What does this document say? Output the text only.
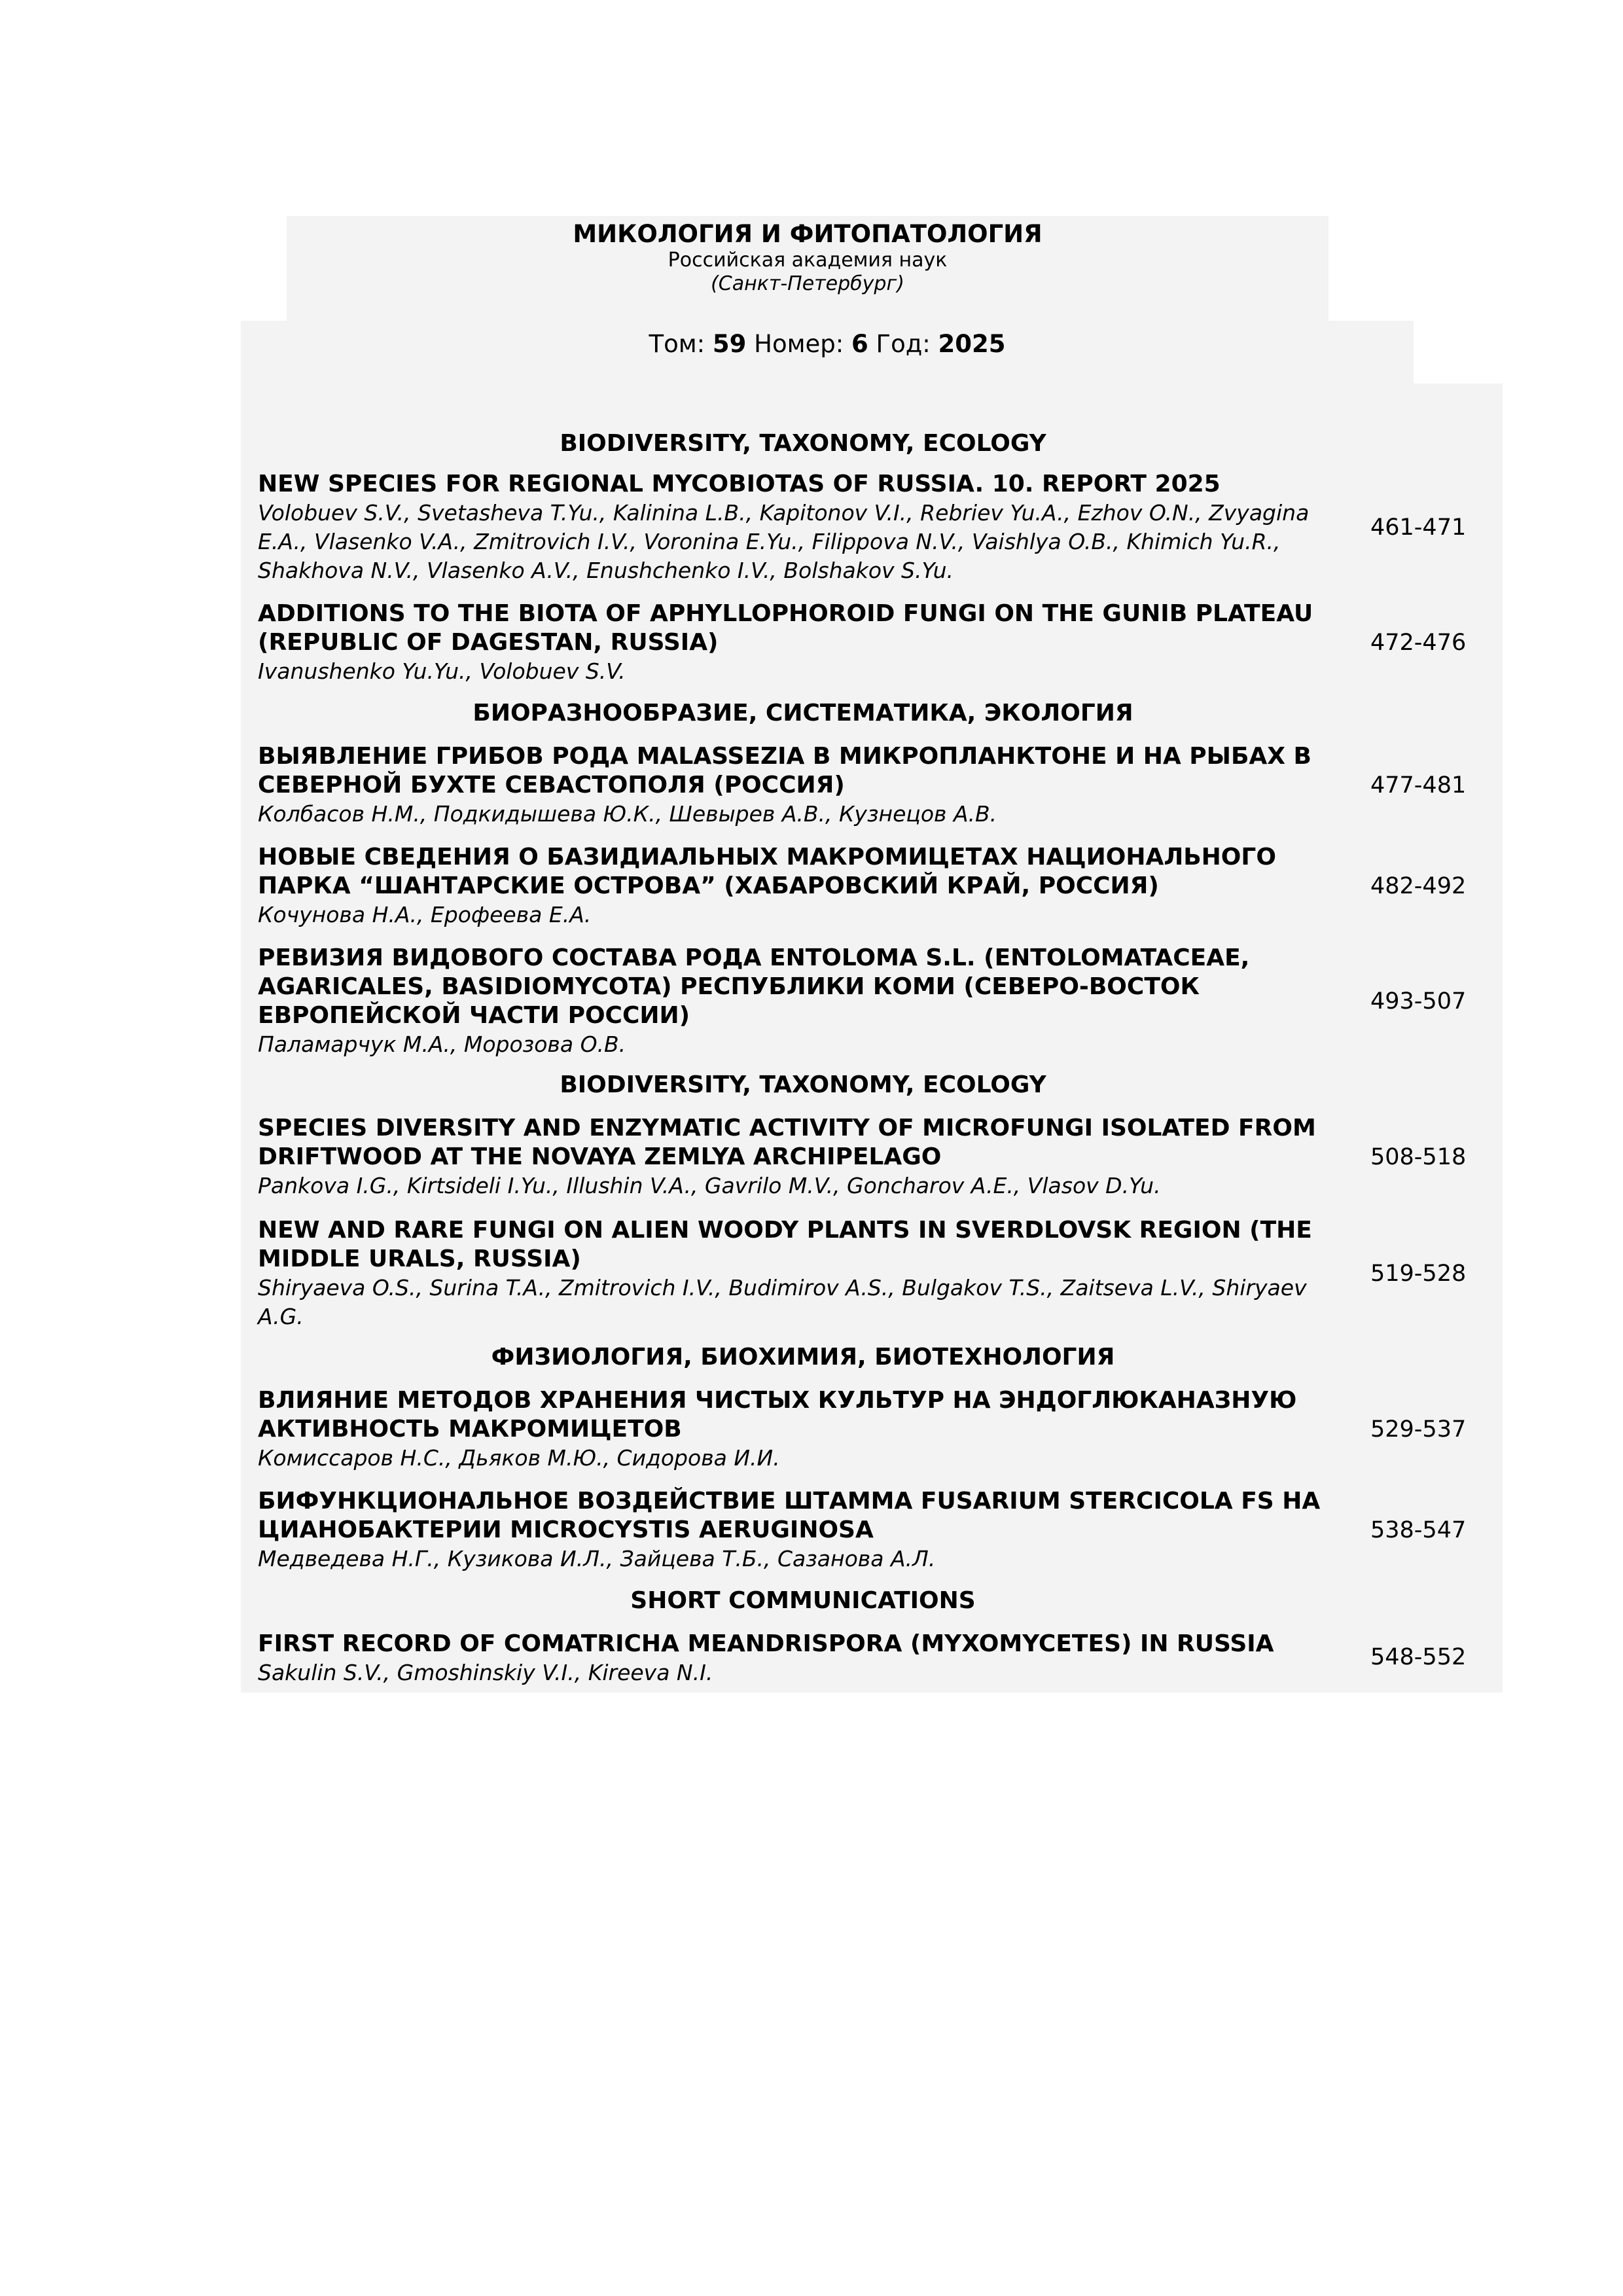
МИКОЛОГИЯ И ФИТОПАТОЛОГИЯ
Российская академия наук
(Санкт-Петербург)
Том: 59 Номер: 6 Год: 2025
BIODIVERSITY, TAXONOMY, ECOLOGY
NEW SPECIES FOR REGIONAL MYCOBIOTAS OF RUSSIA. 10. REPORT 2025
Volobuev S.V., Svetasheva T.Yu., Kalinina L.B., Kapitonov V.I., Rebriev Yu.A., Ezhov O.N., Zvyagina E.A., Vlasenko V.A., Zmitrovich I.V., Voronina E.Yu., Filippova N.V., Vaishlya O.B., Khimich Yu.R., Shakhova N.V., Vlasenko A.V., Enushchenko I.V., Bolshakov S.Yu.
461-471
ADDITIONS TO THE BIOTA OF APHYLLOPHOROID FUNGI ON THE GUNIB PLATEAU (REPUBLIC OF DAGESTAN, RUSSIA)
Ivanushenko Yu.Yu., Volobuev S.V.
472-476
БИОРАЗНООБРАЗИЕ, СИСТЕМАТИКА, ЭКОЛОГИЯ
ВЫЯВЛЕНИЕ ГРИБОВ РОДА MALASSEZIA В МИКРОПЛАНКТОНЕ И НА РЫБАХ В СЕВЕРНОЙ БУХТЕ СЕВАСТОПОЛЯ (РОССИЯ)
Колбасов Н.М., Подкидышева Ю.К., Шевырев А.В., Кузнецов А.В.
477-481
НОВЫЕ СВЕДЕНИЯ О БАЗИДИАЛЬНЫХ МАКРОМИЦЕТАХ НАЦИОНАЛЬНОГО ПАРКА “ШАНТАРСКИЕ ОСТРОВА” (ХАБАРОВСКИЙ КРАЙ, РОССИЯ)
Кочунова Н.А., Ерофеева Е.А.
482-492
РЕВИЗИЯ ВИДОВОГО СОСТАВА РОДА ENTOLOMA S.L. (ENTOLOMATACEAE, AGARICALES, BASIDIOMYCOTA) РЕСПУБЛИКИ КОМИ (СЕВЕРО-ВОСТОК ЕВРОПЕЙСКОЙ ЧАСТИ РОССИИ)
Паламарчук М.А., Морозова О.В.
493-507
BIODIVERSITY, TAXONOMY, ECOLOGY
SPECIES DIVERSITY AND ENZYMATIC ACTIVITY OF MICROFUNGI ISOLATED FROM DRIFTWOOD AT THE NOVAYA ZEMLYA ARCHIPELAGO
Pankova I.G., Kirtsideli I.Yu., Illushin V.A., Gavrilo M.V., Goncharov A.E., Vlasov D.Yu.
508-518
NEW AND RARE FUNGI ON ALIEN WOODY PLANTS IN SVERDLOVSK REGION (THE MIDDLE URALS, RUSSIA)
Shiryaeva O.S., Surina T.A., Zmitrovich I.V., Budimirov A.S., Bulgakov T.S., Zaitseva L.V., Shiryaev A.G.
519-528
ФИЗИОЛОГИЯ, БИОХИМИЯ, БИОТЕХНОЛОГИЯ
ВЛИЯНИЕ МЕТОДОВ ХРАНЕНИЯ ЧИСТЫХ КУЛЬТУР НА ЭНДОГЛЮКАНАЗНУЮ АКТИВНОСТЬ МАКРОМИЦЕТОВ
Комиссаров Н.С., Дьяков М.Ю., Сидорова И.И.
529-537
БИФУНКЦИОНАЛЬНОЕ ВОЗДЕЙСТВИЕ ШТАММА FUSARIUM STERCICOLA FS НА ЦИАНОБАКТЕРИИ MICROCYSTIS AERUGINOSA
Медведева Н.Г., Кузикова И.Л., Зайцева Т.Б., Сазанова А.Л.
538-547
SHORT COMMUNICATIONS
FIRST RECORD OF COMATRICHA MEANDRISPORA (MYXOMYCETES) IN RUSSIA
Sakulin S.V., Gmoshinskiy V.I., Kireeva N.I.
548-552
